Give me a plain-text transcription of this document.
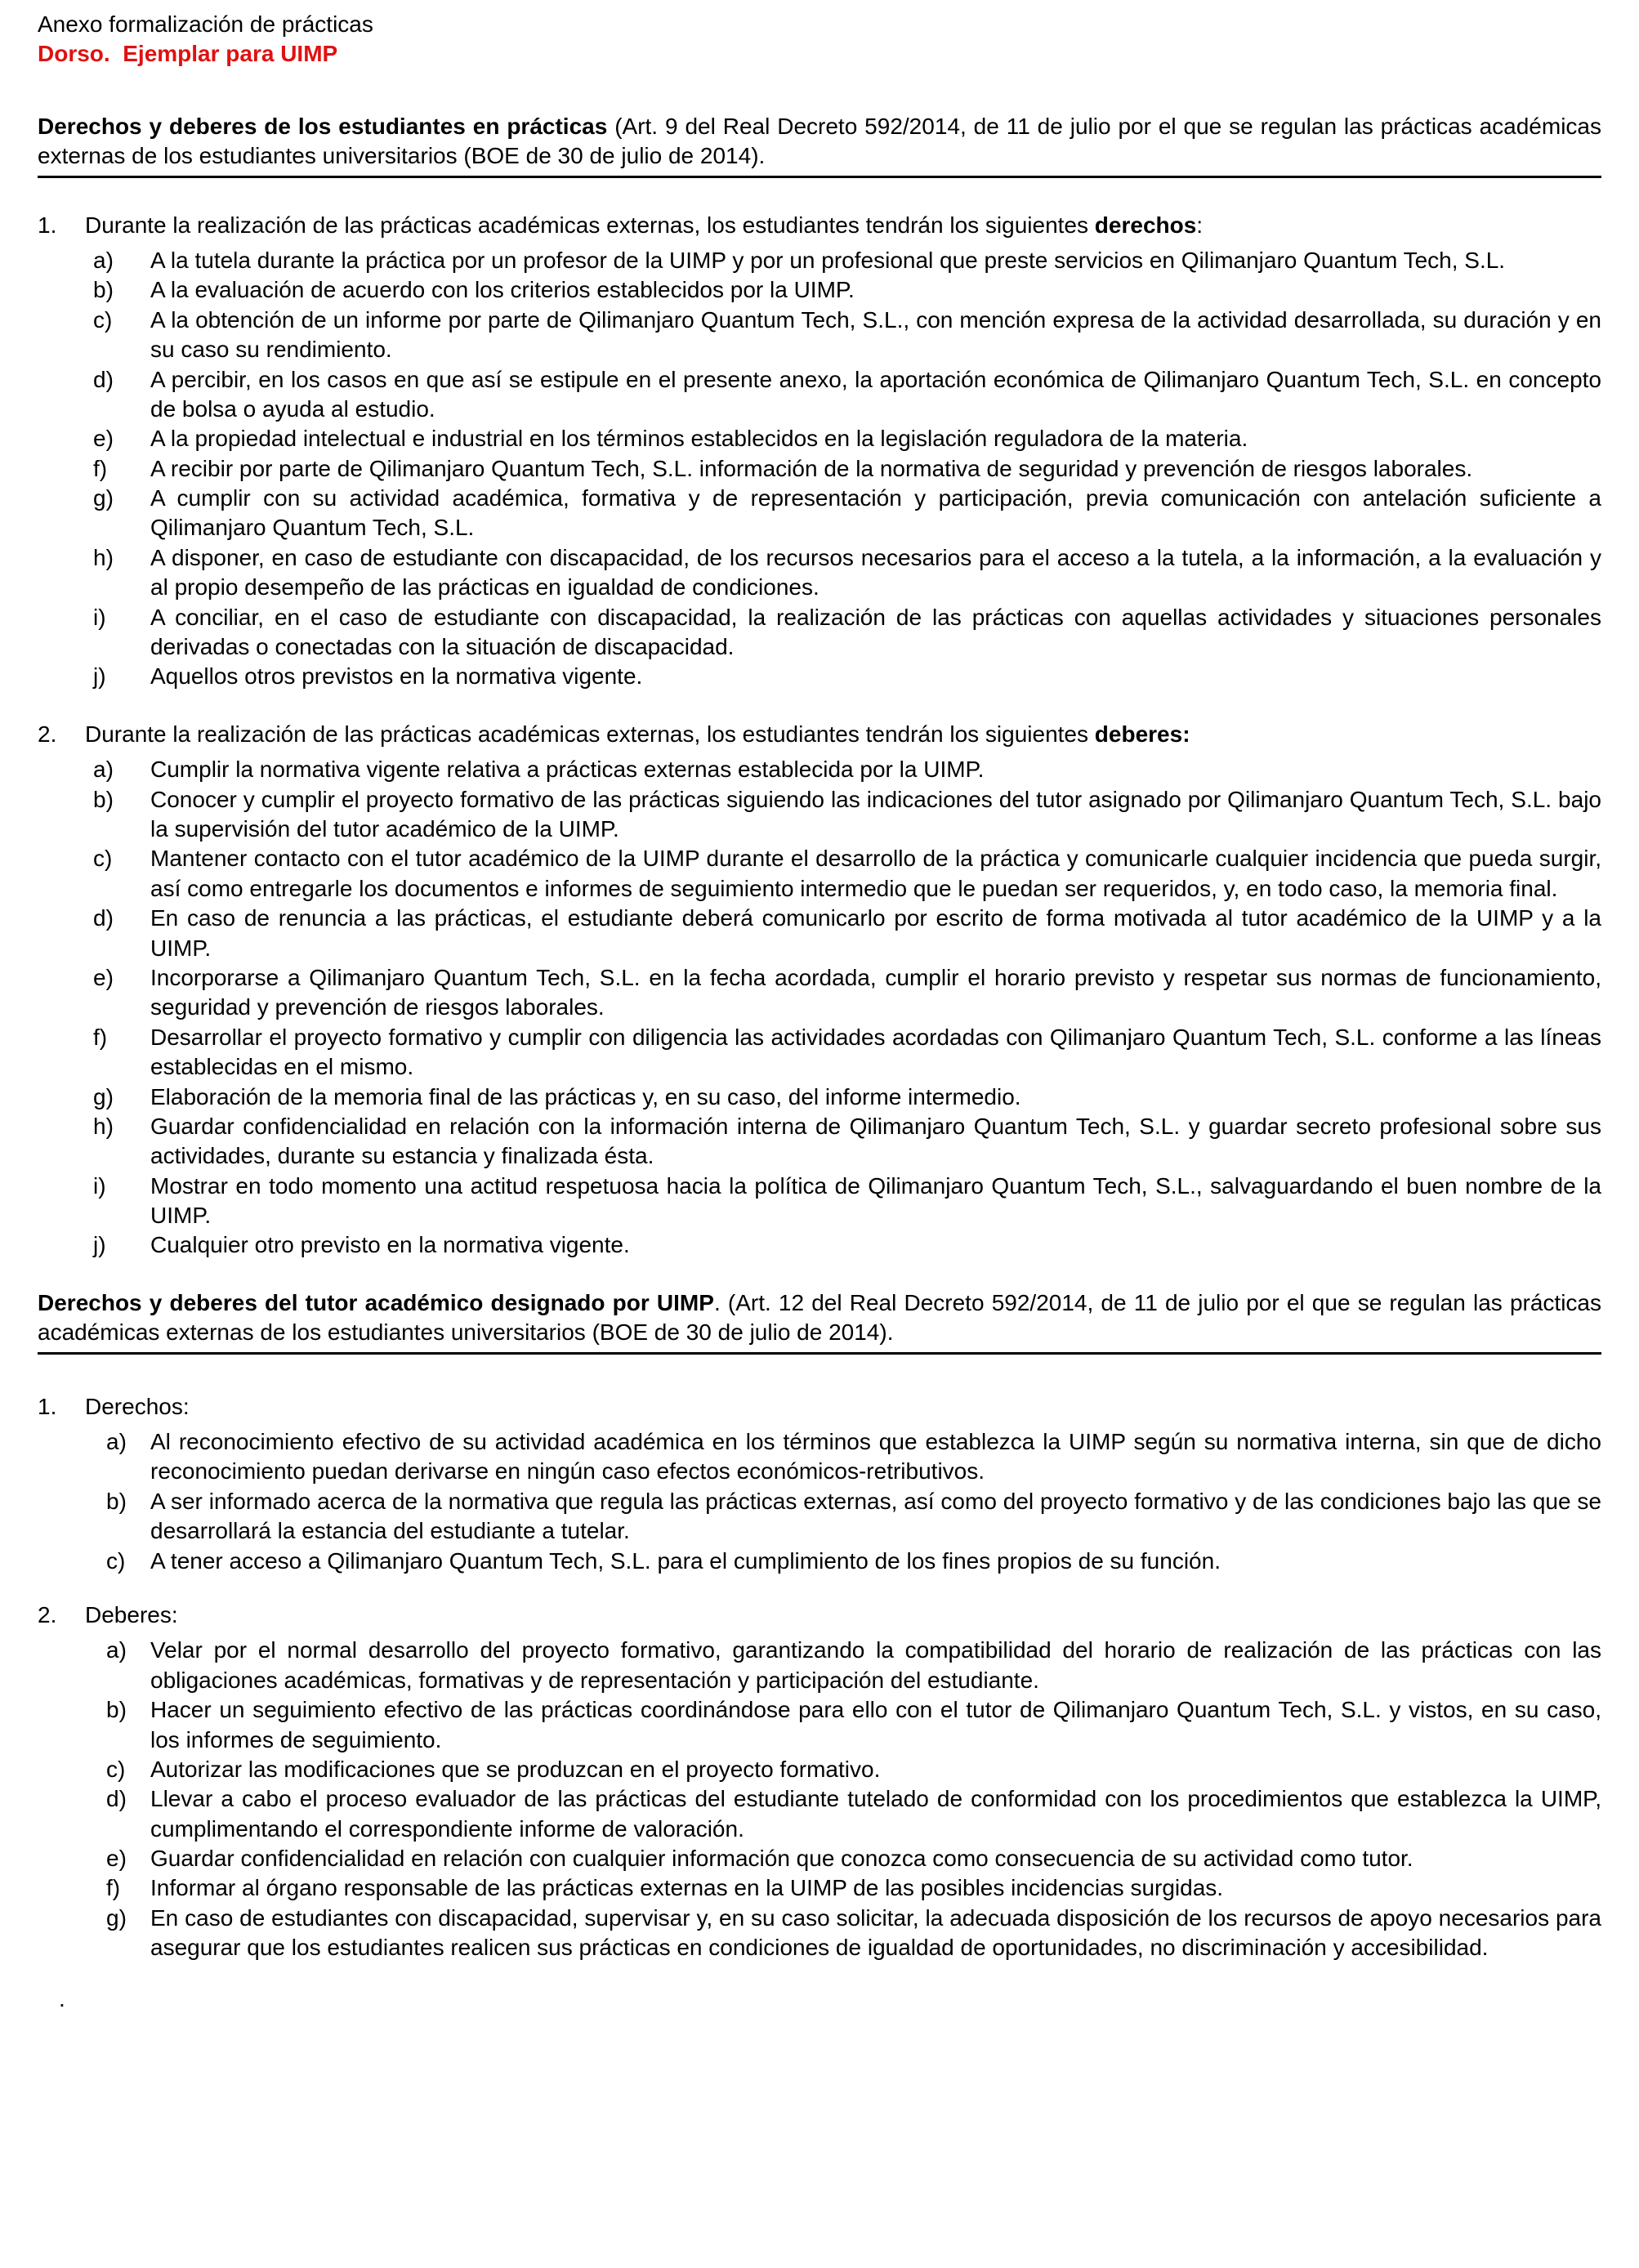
Anexo formalización de prácticas
Dorso.  Ejemplar para UIMP

Derechos y deberes de los estudiantes en prácticas (Art. 9 del Real Decreto 592/2014, de 11 de julio por el que se regulan las prácticas académicas externas de los estudiantes universitarios (BOE de 30 de julio de 2014).

1.	Durante la realización de las prácticas académicas externas, los estudiantes tendrán los siguientes derechos:
a)	A la tutela durante la práctica por un profesor de la UIMP y por un profesional que preste servicios en Qilimanjaro Quantum Tech, S.L.
b)	A la evaluación de acuerdo con los criterios establecidos por la UIMP.
c)	A la obtención de un informe por parte de Qilimanjaro Quantum Tech, S.L., con mención expresa de la actividad desarrollada, su duración y en su caso su rendimiento.
d)	A percibir, en los casos en que así se estipule en el presente anexo, la aportación económica de Qilimanjaro Quantum Tech, S.L. en concepto de bolsa o ayuda al estudio.
e)	A la propiedad intelectual e industrial en los términos establecidos en la legislación reguladora de la materia.
f)	A recibir por parte de Qilimanjaro Quantum Tech, S.L. información de la normativa de seguridad y prevención de riesgos laborales.
g)	A cumplir con su actividad académica, formativa y de representación y participación, previa comunicación con antelación suficiente a Qilimanjaro Quantum Tech, S.L.
h)	A disponer, en caso de estudiante con discapacidad, de los recursos necesarios para el acceso a la tutela, a la información, a la evaluación y al propio desempeño de las prácticas en igualdad de condiciones.
i)	A conciliar, en el caso de estudiante con discapacidad, la realización de las prácticas con aquellas actividades y situaciones personales derivadas o conectadas con la situación de discapacidad.
j)	Aquellos otros previstos en la normativa vigente.
2.	Durante la realización de las prácticas académicas externas, los estudiantes tendrán los siguientes deberes:
a)	Cumplir la normativa vigente relativa a prácticas externas establecida por la UIMP.
b)	Conocer y cumplir el proyecto formativo de las prácticas siguiendo las indicaciones del tutor asignado por Qilimanjaro Quantum Tech, S.L. bajo la supervisión del tutor académico de la UIMP.
c)	Mantener contacto con el tutor académico de la UIMP durante el desarrollo de la práctica y comunicarle cualquier incidencia que pueda surgir, así como entregarle los documentos e informes de seguimiento intermedio que le puedan ser requeridos, y, en todo caso, la memoria final.
d)	En caso de renuncia a las prácticas, el estudiante deberá comunicarlo por escrito de forma motivada al tutor académico de la UIMP y a la UIMP.
e)	Incorporarse a Qilimanjaro Quantum Tech, S.L. en la fecha acordada, cumplir el horario previsto y respetar sus normas de funcionamiento, seguridad y prevención de riesgos laborales.
f)	Desarrollar el proyecto formativo y cumplir con diligencia las actividades acordadas con Qilimanjaro Quantum Tech, S.L. conforme a las líneas establecidas en el mismo.
g)	Elaboración de la memoria final de las prácticas y, en su caso, del informe intermedio.
h)	Guardar confidencialidad en relación con la información interna de Qilimanjaro Quantum Tech, S.L. y guardar secreto profesional sobre sus actividades, durante su estancia y finalizada ésta.
i)	Mostrar en todo momento una actitud respetuosa hacia la política de Qilimanjaro Quantum Tech, S.L., salvaguardando el buen nombre de la UIMP.
j)	Cualquier otro previsto en la normativa vigente.

Derechos y deberes del tutor académico designado por UIMP. (Art. 12 del Real Decreto 592/2014, de 11 de julio por el que se regulan las prácticas académicas externas de los estudiantes universitarios (BOE de 30 de julio de 2014).

1.	Derechos:
a)	Al reconocimiento efectivo de su actividad académica en los términos que establezca la UIMP según su normativa interna, sin que de dicho reconocimiento puedan derivarse en ningún caso efectos económicos-retributivos.
b)	A ser informado acerca de la normativa que regula las prácticas externas, así como del proyecto formativo y de las condiciones bajo las que se desarrollará la estancia del estudiante a tutelar.
c)	A tener acceso a Qilimanjaro Quantum Tech, S.L. para el cumplimiento de los fines propios de su función.
2.	Deberes:
a)	Velar por el normal desarrollo del proyecto formativo, garantizando la compatibilidad del horario de realización de las prácticas con las obligaciones académicas, formativas y de representación y participación del estudiante.
b)	Hacer un seguimiento efectivo de las prácticas coordinándose para ello con el tutor de Qilimanjaro Quantum Tech, S.L. y vistos, en su caso, los informes de seguimiento.
c)	Autorizar las modificaciones que se produzcan en el proyecto formativo.
d)	Llevar a cabo el proceso evaluador de las prácticas del estudiante tutelado de conformidad con los procedimientos que establezca la UIMP, cumplimentando el correspondiente informe de valoración.
e)	Guardar confidencialidad en relación con cualquier información que conozca como consecuencia de su actividad como tutor.
f)	Informar al órgano responsable de las prácticas externas en la UIMP de las posibles incidencias surgidas.
g)	En caso de estudiantes con discapacidad, supervisar y, en su caso solicitar, la adecuada disposición de los recursos de apoyo necesarios para asegurar que los estudiantes realicen sus prácticas en condiciones de igualdad de oportunidades, no discriminación y accesibilidad.
.
